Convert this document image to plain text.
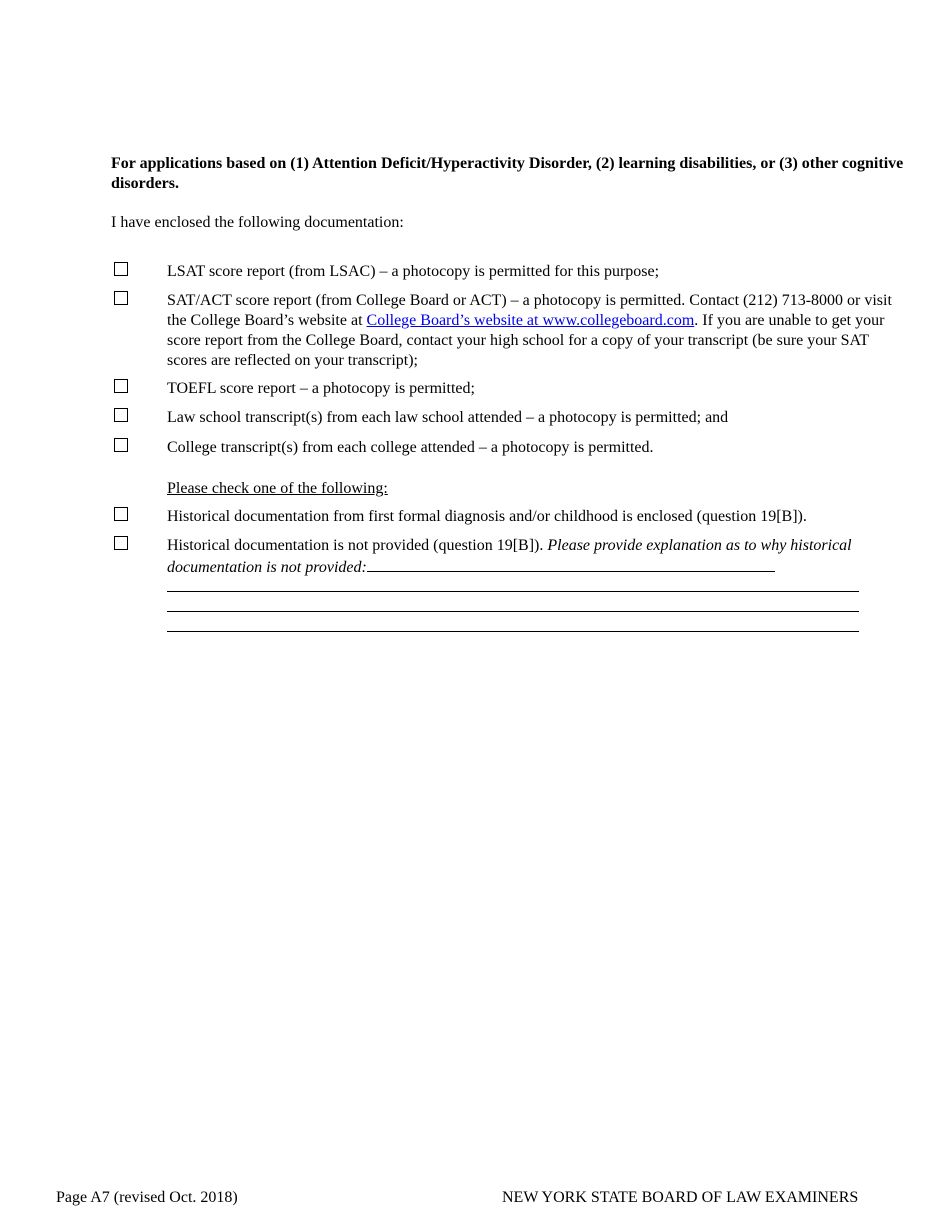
For applications based on (1) Attention Deficit/Hyperactivity Disorder, (2) learning disabilities, or (3) other cognitive disorders.
I have enclosed the following documentation:
LSAT score report (from LSAC) – a photocopy is permitted for this purpose;
SAT/ACT score report (from College Board or ACT) – a photocopy is permitted. Contact (212) 713-8000 or visit the College Board’s website at College Board’s website at www.collegeboard.com. If you are unable to get your score report from the College Board, contact your high school for a copy of your transcript (be sure your SAT scores are reflected on your transcript);
TOEFL score report – a photocopy is permitted;
Law school transcript(s) from each law school attended – a photocopy is permitted; and
College transcript(s) from each college attended – a photocopy is permitted.
Please check one of the following:
Historical documentation from first formal diagnosis and/or childhood is enclosed (question 19[B]).
Historical documentation is not provided (question 19[B]). Please provide explanation as to why historical documentation is not provided:
Page A7 (revised Oct. 2018)	NEW YORK STATE BOARD OF LAW EXAMINERS
